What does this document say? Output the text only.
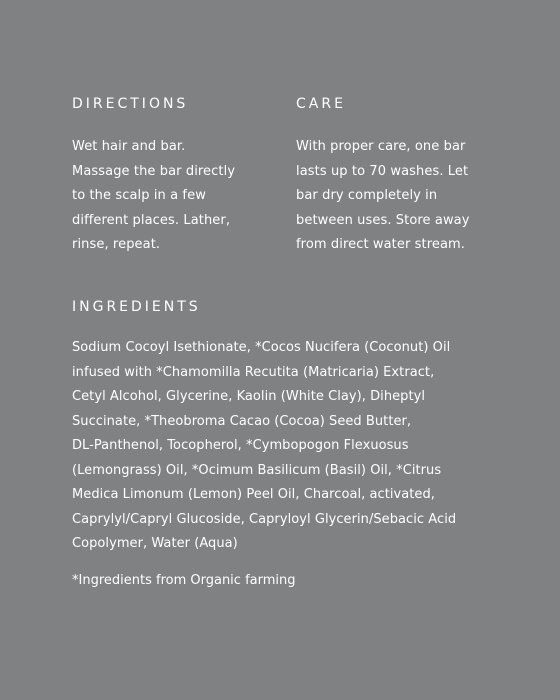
DIRECTIONS
Wet hair and bar.
Massage the bar directly
to the scalp in a few
different places. Lather,
rinse, repeat.
CARE
With proper care, one bar
lasts up to 70 washes. Let
bar dry completely in
between uses. Store away
from direct water stream.
INGREDIENTS
Sodium Cocoyl Isethionate, *Cocos Nucifera (Coconut) Oil
infused with *Chamomilla Recutita (Matricaria) Extract,
Cetyl Alcohol, Glycerine, Kaolin (White Clay), Diheptyl
Succinate, *Theobroma Cacao (Cocoa) Seed Butter,
DL-Panthenol, Tocopherol, *Cymbopogon Flexuosus
(Lemongrass) Oil, *Ocimum Basilicum (Basil) Oil, *Citrus
Medica Limonum (Lemon) Peel Oil, Charcoal, activated,
Caprylyl/Capryl Glucoside, Capryloyl Glycerin/Sebacic Acid
Copolymer, Water (Aqua)
*Ingredients from Organic farming
